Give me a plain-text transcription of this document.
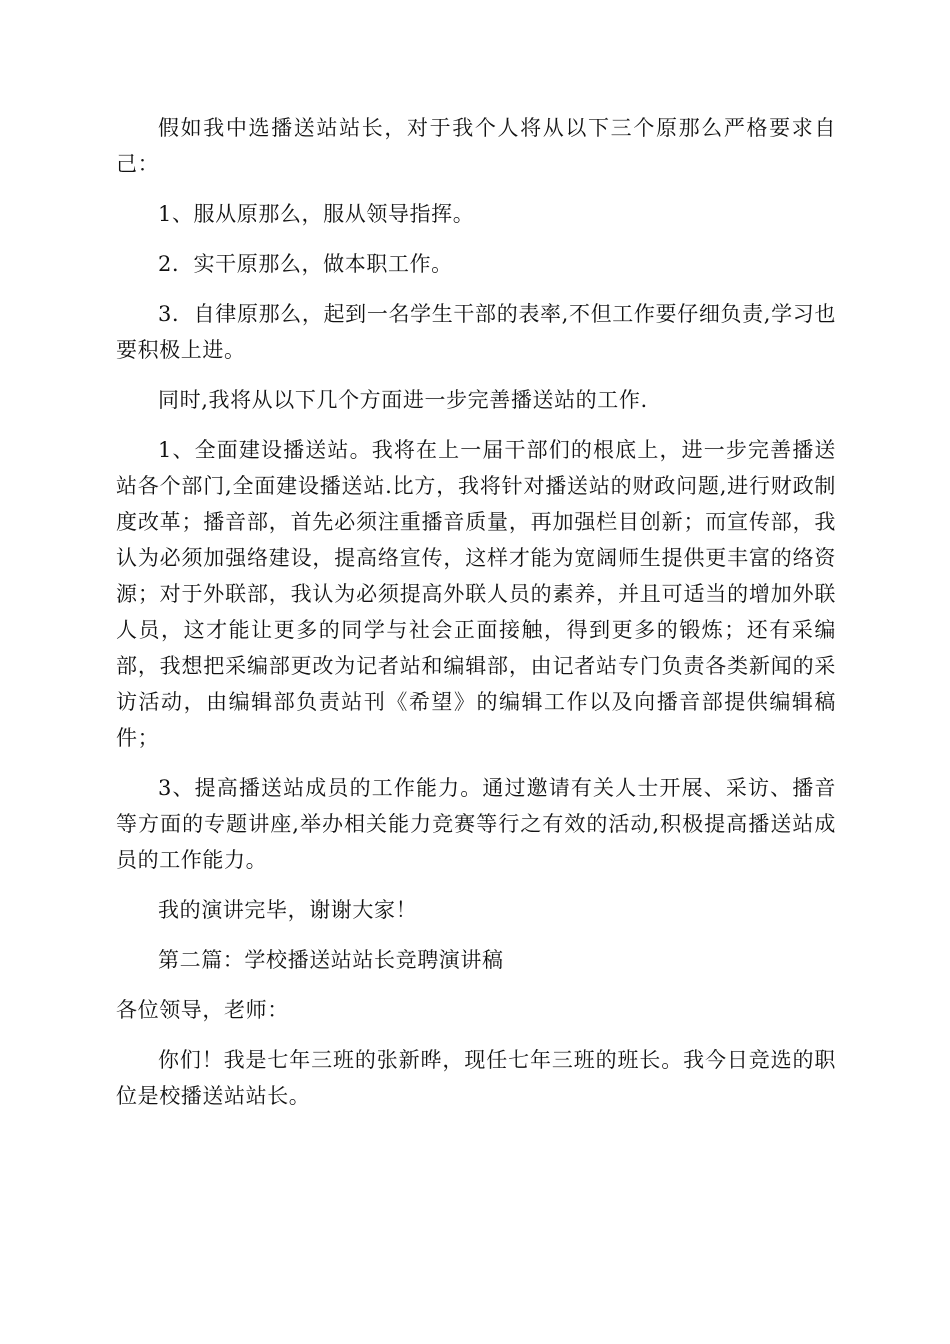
假如我中选播送站站长，对于我个人将从以下三个原那么严格要求自己：

1、服从原那么，服从领导指挥。

2．实干原那么，做本职工作。

3．自律原那么，起到一名学生干部的表率,不但工作要仔细负责,学习也要积极上进。

同时,我将从以下几个方面进一步完善播送站的工作.

1、全面建设播送站。我将在上一届干部们的根底上，进一步完善播送站各个部门,全面建设播送站.比方，我将针对播送站的财政问题,进行财政制度改革；播音部，首先必须注重播音质量，再加强栏目创新；而宣传部，我认为必须加强络建设，提高络宣传，这样才能为宽阔师生提供更丰富的络资源；对于外联部，我认为必须提高外联人员的素养，并且可适当的增加外联人员，这才能让更多的同学与社会正面接触，得到更多的锻炼；还有采编部，我想把采编部更改为记者站和编辑部，由记者站专门负责各类新闻的采访活动，由编辑部负责站刊《希望》的编辑工作以及向播音部提供编辑稿件；

3、提高播送站成员的工作能力。通过邀请有关人士开展、采访、播音等方面的专题讲座,举办相关能力竞赛等行之有效的活动,积极提高播送站成员的工作能力。

我的演讲完毕，谢谢大家！

第二篇：学校播送站站长竞聘演讲稿

各位领导，老师：

你们！我是七年三班的张新晔，现任七年三班的班长。我今日竞选的职位是校播送站站长。
